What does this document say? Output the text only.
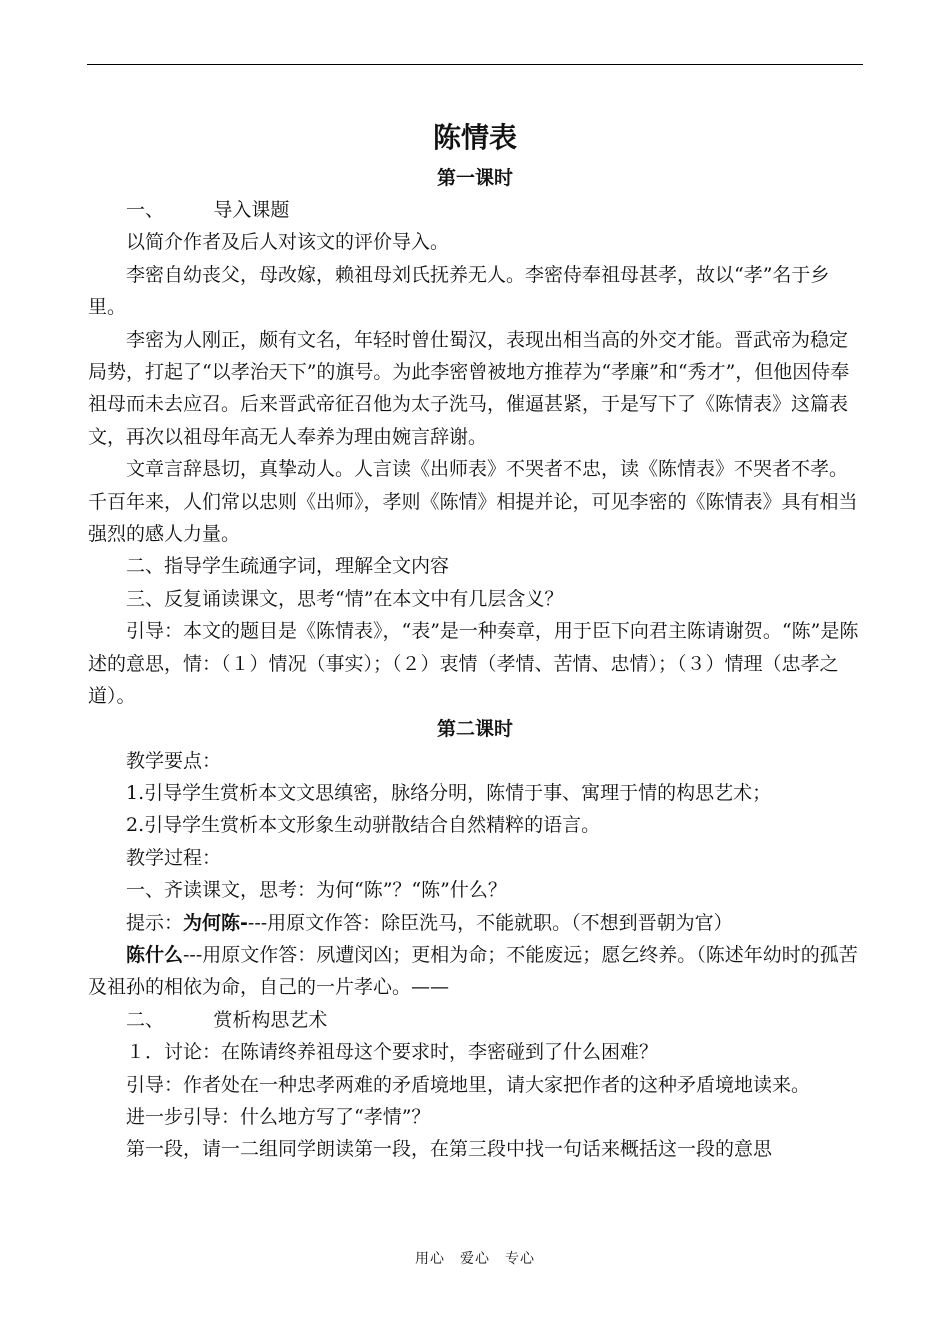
陈情表
第一课时

一、	导入课题

以简介作者及后人对该文的评价导入。

李密自幼丧父，母改嫁，赖祖母刘氏抚养无人。李密侍奉祖母甚孝，故以“孝”名于乡里。

李密为人刚正，颇有文名，年轻时曾仕蜀汉，表现出相当高的外交才能。晋武帝为稳定局势，打起了“以孝治天下”的旗号。为此李密曾被地方推荐为“孝廉”和“秀才”，但他因侍奉祖母而未去应召。后来晋武帝征召他为太子洗马，催逼甚紧，于是写下了《陈情表》这篇表文，再次以祖母年高无人奉养为理由婉言辞谢。

文章言辞恳切，真挚动人。人言读《出师表》不哭者不忠，读《陈情表》不哭者不孝。千百年来，人们常以忠则《出师》，孝则《陈情》相提并论，可见李密的《陈情表》具有相当强烈的感人力量。

二、指导学生疏通字词，理解全文内容

三、反复诵读课文，思考“情”在本文中有几层含义？

引导：本文的题目是《陈情表》，“表”是一种奏章，用于臣下向君主陈请谢贺。“陈”是陈述的意思，情：（１）情况（事实）；（２）衷情（孝情、苦情、忠情）；（３）情理（忠孝之道）。

第二课时

教学要点：

1.引导学生赏析本文文思缜密，脉络分明，陈情于事、寓理于情的构思艺术；

2.引导学生赏析本文形象生动骈散结合自然精粹的语言。

教学过程：

一、齐读课文，思考：为何“陈”？“陈”什么？

提示：为何陈----用原文作答：除臣洗马，不能就职。（不想到晋朝为官）

陈什么---用原文作答：夙遭闵凶；更相为命；不能废远；愿乞终养。（陈述年幼时的孤苦及祖孙的相依为命，自己的一片孝心。——

二、	赏析构思艺术

１．讨论：在陈请终养祖母这个要求时，李密碰到了什么困难？

引导：作者处在一种忠孝两难的矛盾境地里，请大家把作者的这种矛盾境地读来。

进一步引导：什么地方写了“孝情”？

第一段，请一二组同学朗读第一段，在第三段中找一句话来概括这一段的意思

用心　爱心　专心
